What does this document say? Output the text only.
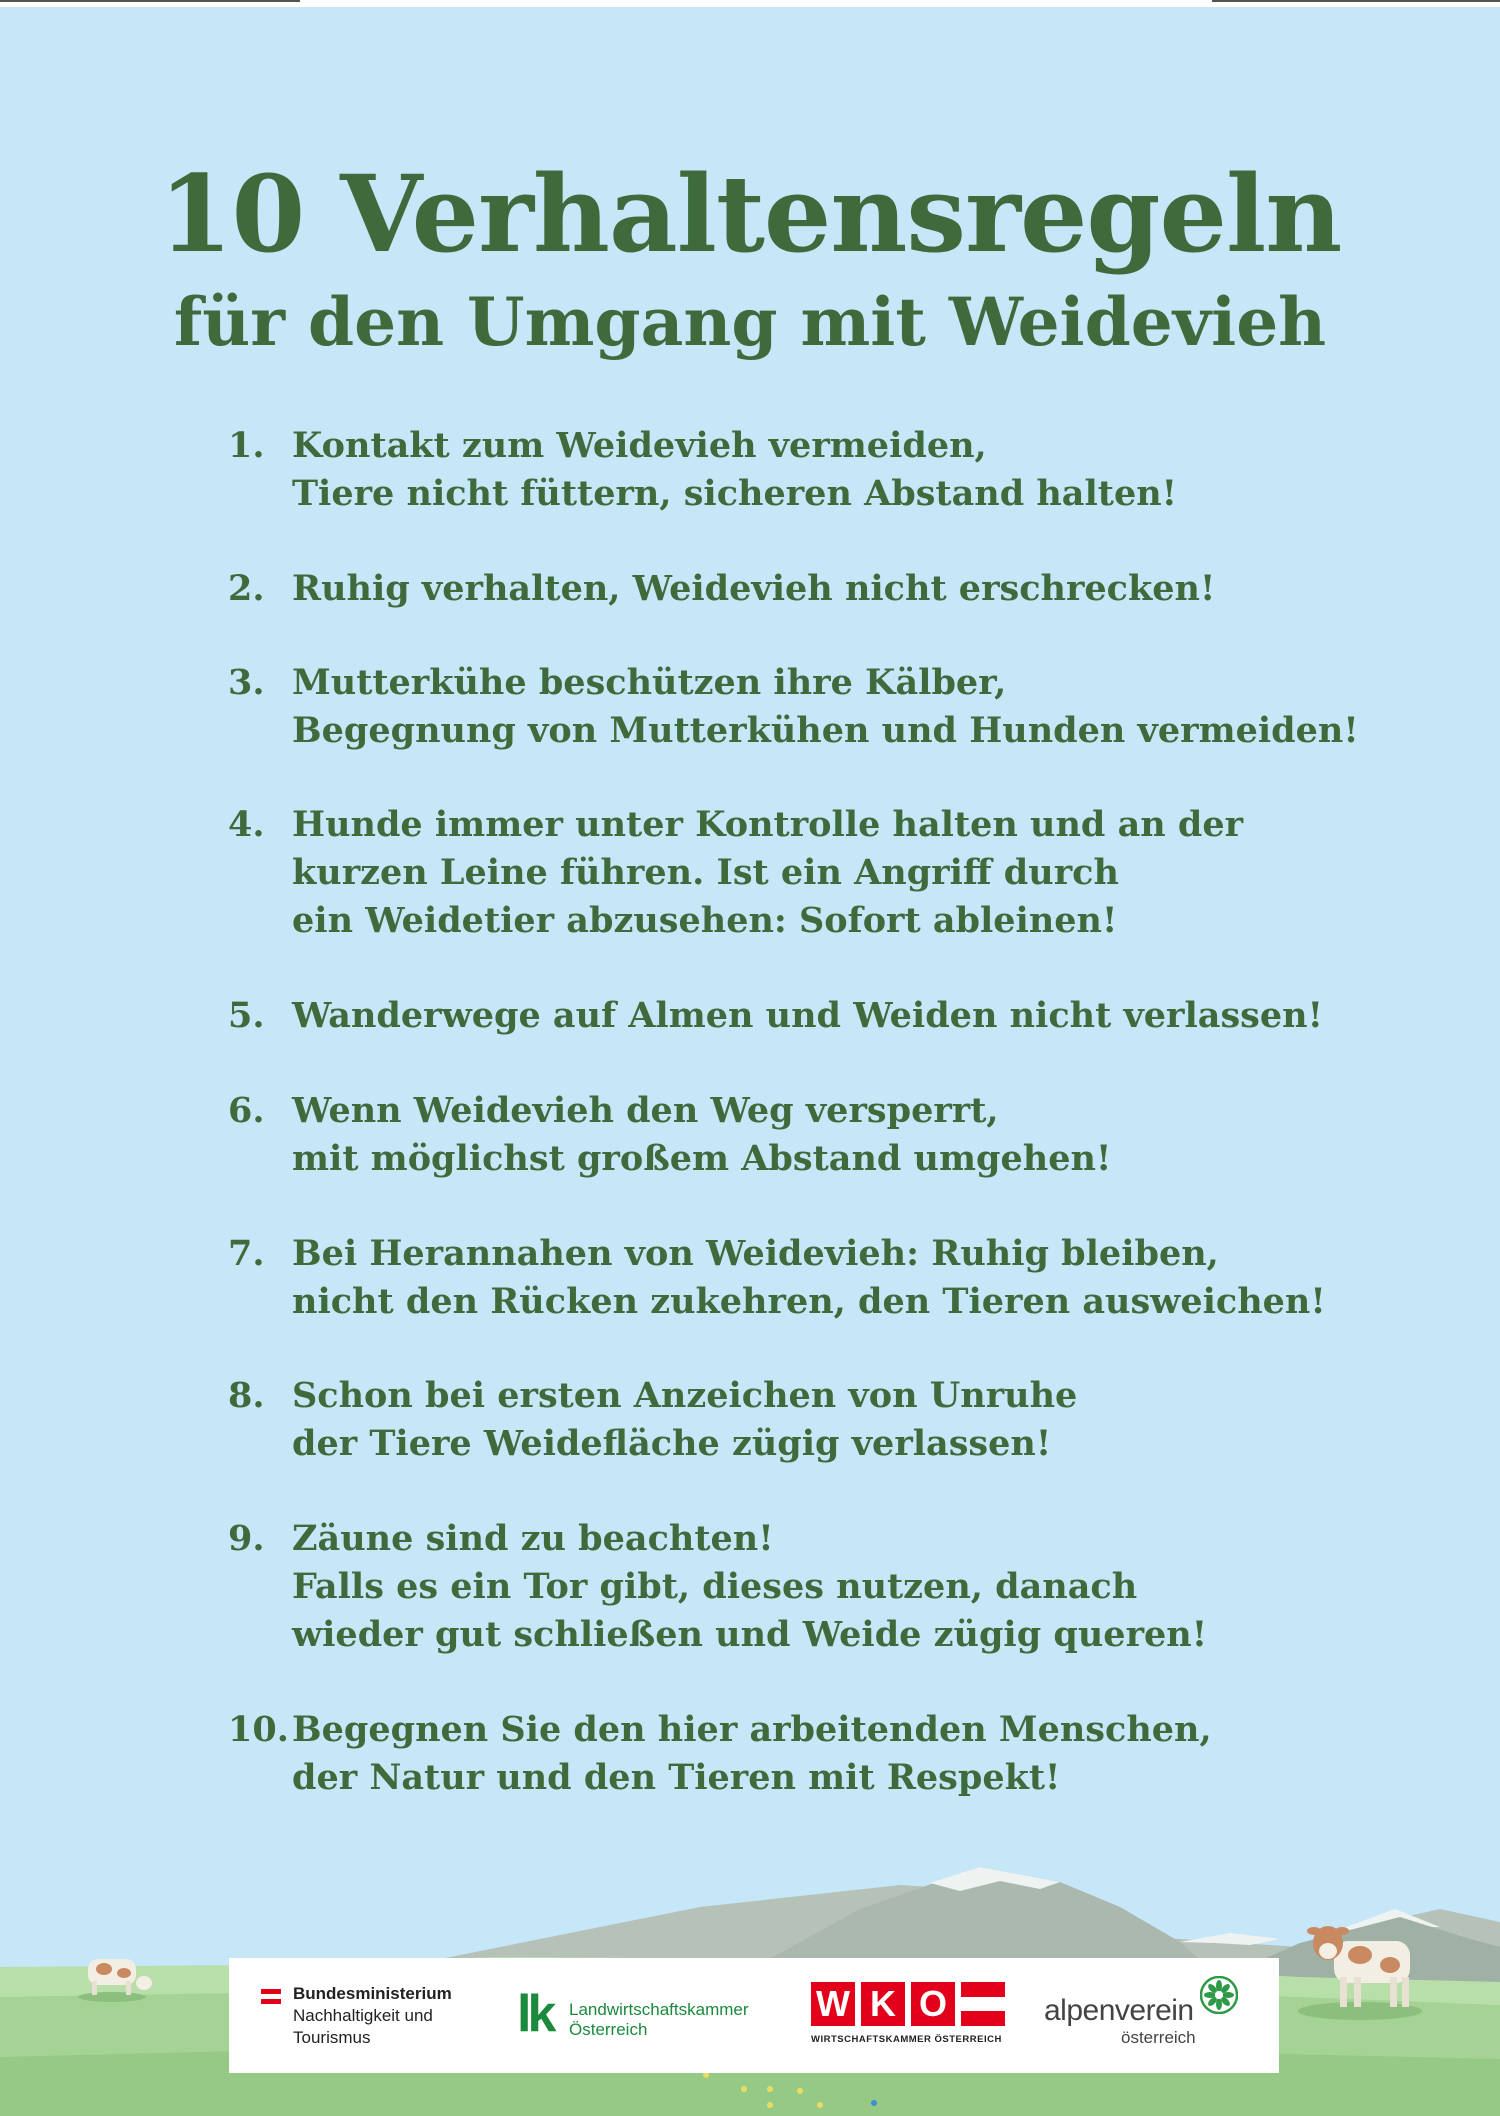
10 Verhaltensregeln
für den Umgang mit Weidevieh
1. Kontakt zum Weidevieh vermeiden,
Tiere nicht füttern, sicheren Abstand halten!
2. Ruhig verhalten, Weidevieh nicht erschrecken!
3. Mutterkühe beschützen ihre Kälber,
Begegnung von Mutterkühen und Hunden vermeiden!
4. Hunde immer unter Kontrolle halten und an der
kurzen Leine führen. Ist ein Angriff durch
ein Weidetier abzusehen: Sofort ableinen!
5. Wanderwege auf Almen und Weiden nicht verlassen!
6. Wenn Weidevieh den Weg versperrt,
mit möglichst großem Abstand umgehen!
7. Bei Herannahen von Weidevieh: Ruhig bleiben,
nicht den Rücken zukehren, den Tieren ausweichen!
8. Schon bei ersten Anzeichen von Unruhe
der Tiere Weidefläche zügig verlassen!
9. Zäune sind zu beachten!
Falls es ein Tor gibt, dieses nutzen, danach
wieder gut schließen und Weide zügig queren!
10. Begegnen Sie den hier arbeitenden Menschen,
der Natur und den Tieren mit Respekt!
Bundesministerium
Nachhaltigkeit und
Tourismus	lk Landwirtschaftskammer
Österreich
W K O
WIRTSCHAFTSKAMMER ÖSTERREICH
alpenverein
österreich
